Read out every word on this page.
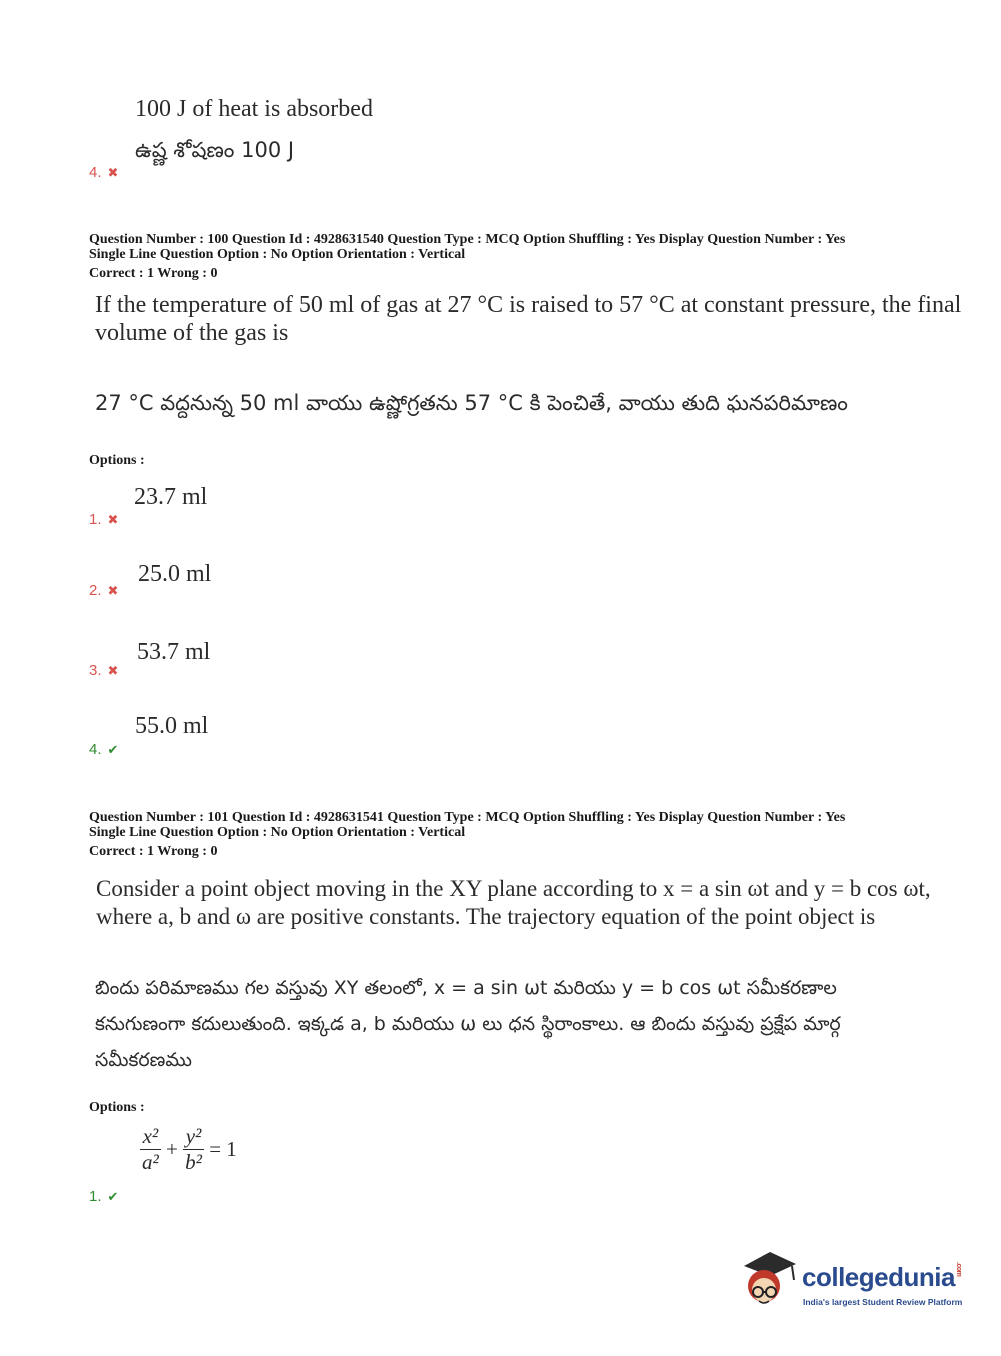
100 J of heat is absorbed
ఉష్ణ శోషణం 100 J
4. ✖
Question Number : 100 Question Id : 4928631540 Question Type : MCQ Option Shuffling : Yes Display Question Number : Yes
Single Line Question Option : No Option Orientation : Vertical
Correct : 1 Wrong : 0
If the temperature of 50 ml of gas at 27 °C is raised to 57 °C at constant pressure, the final
volume of the gas is
27 °C వద్దనున్న 50 ml వాయు ఉష్ణోగ్రతను 57 °C కి పెంచితే, వాయు తుది ఘనపరిమాణం
Options :
23.7 ml
1. ✖
25.0 ml
2. ✖
53.7 ml
3. ✖
55.0 ml
4. ✔
Question Number : 101 Question Id : 4928631541 Question Type : MCQ Option Shuffling : Yes Display Question Number : Yes
Single Line Question Option : No Option Orientation : Vertical
Correct : 1 Wrong : 0
Consider a point object moving in the XY plane according to x = a sin ωt and y = b cos ωt,
where a, b and ω are positive constants. The trajectory equation of the point object is
బిందు పరిమాణము గల వస్తువు XY తలంలో, x = a sin ωt మరియు y = b cos ωt సమీకరణాల
కనుగుణంగా కదులుతుంది. ఇక్కడ a, b మరియు ω లు ధన స్థిరాంకాలు. ఆ బిందు వస్తువు ప్రక్షేప మార్గ
సమీకరణము
Options :
$\frac{\text{x²}}{\text{a²}} + \frac{\text{y²}}{\text{b²}} = 1$
1. ✔
collegedunia.com
India's largest Student Review Platform
